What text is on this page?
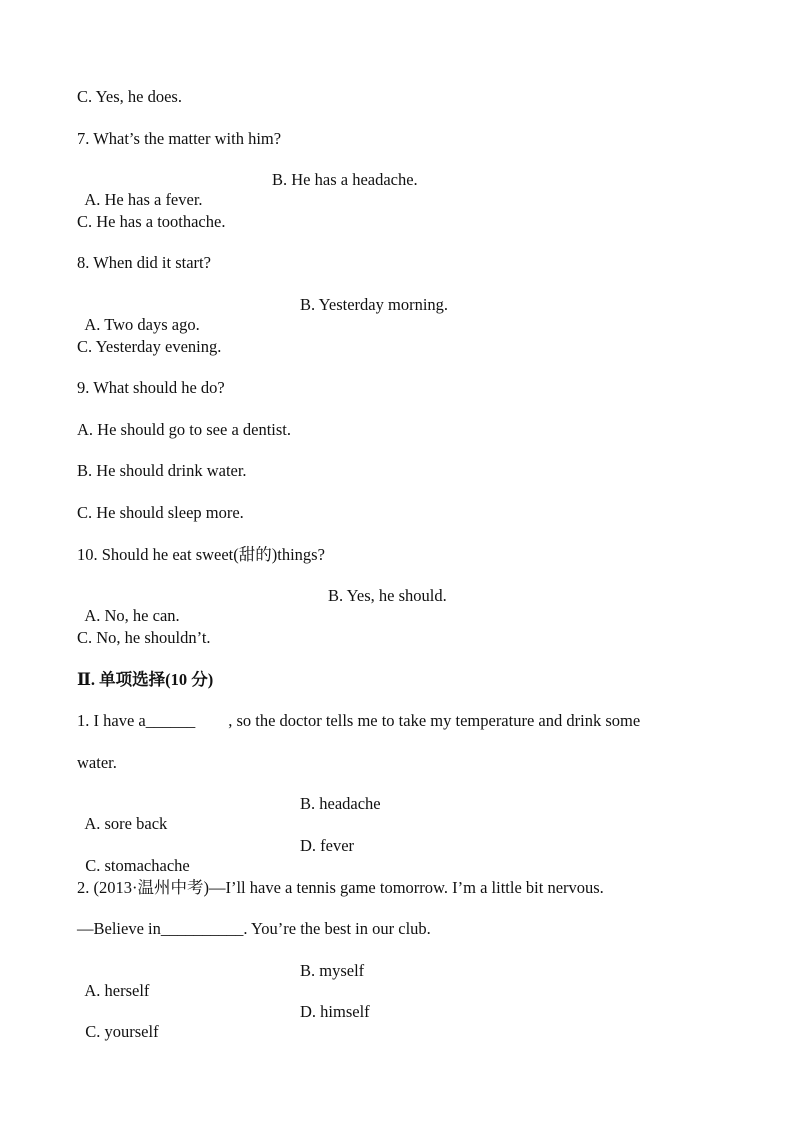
C. Yes, he does.
7. What’s the matter with him?

A. He has a fever.

B. He has a headache.

C. He has a toothache.
8. When did it start?

A. Two days ago.

B. Yesterday morning.

C. Yesterday evening.
9. What should he do?
A. He should go to see a dentist.
B. He should drink water.
C. He should sleep more.
10. Should he eat sweet(甜的)things?

A. No, he can.

B. Yes, he should.

C. No, he shouldn’t.
Ⅱ. 单项选择(10 分)
1. I have a______        , so the doctor tells me to take my temperature and drink some
water.

A. sore back

B. headache

C. stomachache

D. fever

2. (2013·温州中考)—I’ll have a tennis game tomorrow. I’m a little bit nervous.
—Believe in__________. You’re the best in our club.

A. herself

B. myself

C. yourself

D. himself
